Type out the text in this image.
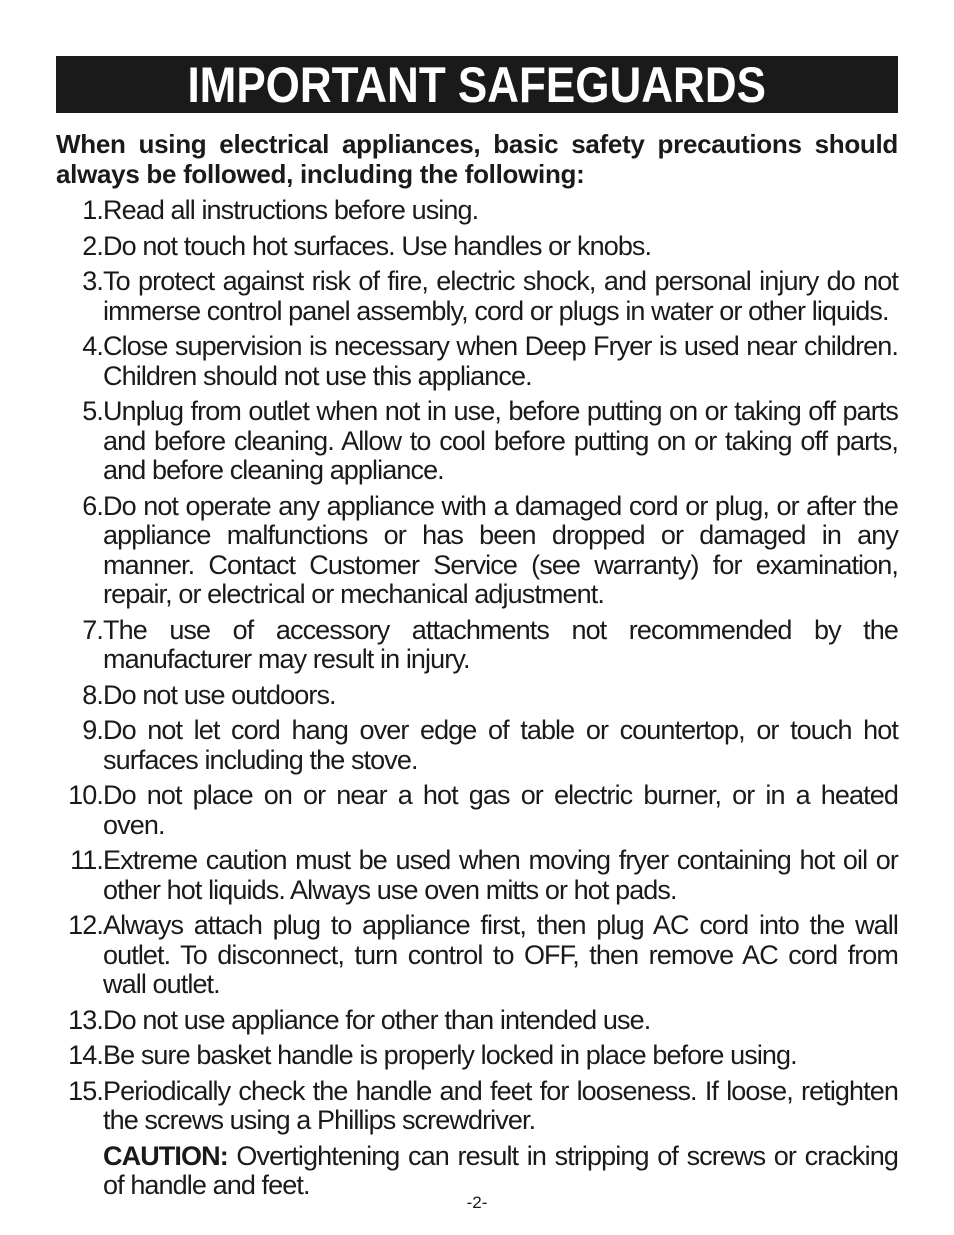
IMPORTANT SAFEGUARDS
When using electrical appliances, basic safety precautions should always be followed, including the following:
1. Read all instructions before using.
2. Do not touch hot surfaces. Use handles or knobs.
3. To protect against risk of fire, electric shock, and personal injury do not immerse control panel assembly, cord or plugs in water or other liquids.
4. Close supervision is necessary when Deep Fryer is used near children. Children should not use this appliance.
5. Unplug from outlet when not in use, before putting on or taking off parts and before cleaning. Allow to cool before putting on or taking off parts, and before cleaning appliance.
6. Do not operate any appliance with a damaged cord or plug, or after the appliance malfunctions or has been dropped or damaged in any manner. Contact Customer Service (see warranty) for examination, repair, or electrical or mechanical adjustment.
7. The use of accessory attachments not recommended by the manufacturer may result in injury.
8. Do not use outdoors.
9. Do not let cord hang over edge of table or countertop, or touch hot surfaces including the stove.
10. Do not place on or near a hot gas or electric burner, or in a heated oven.
11. Extreme caution must be used when moving fryer containing hot oil or other hot liquids. Always use oven mitts or hot pads.
12. Always attach plug to appliance first, then plug AC cord into the wall outlet. To disconnect, turn control to OFF, then remove AC cord from wall outlet.
13. Do not use appliance for other than intended use.
14. Be sure basket handle is properly locked in place before using.
15. Periodically check the handle and feet for looseness. If loose, retighten the screws using a Phillips screwdriver.
CAUTION: Overtightening can result in stripping of screws or cracking of handle and feet.
-2-
